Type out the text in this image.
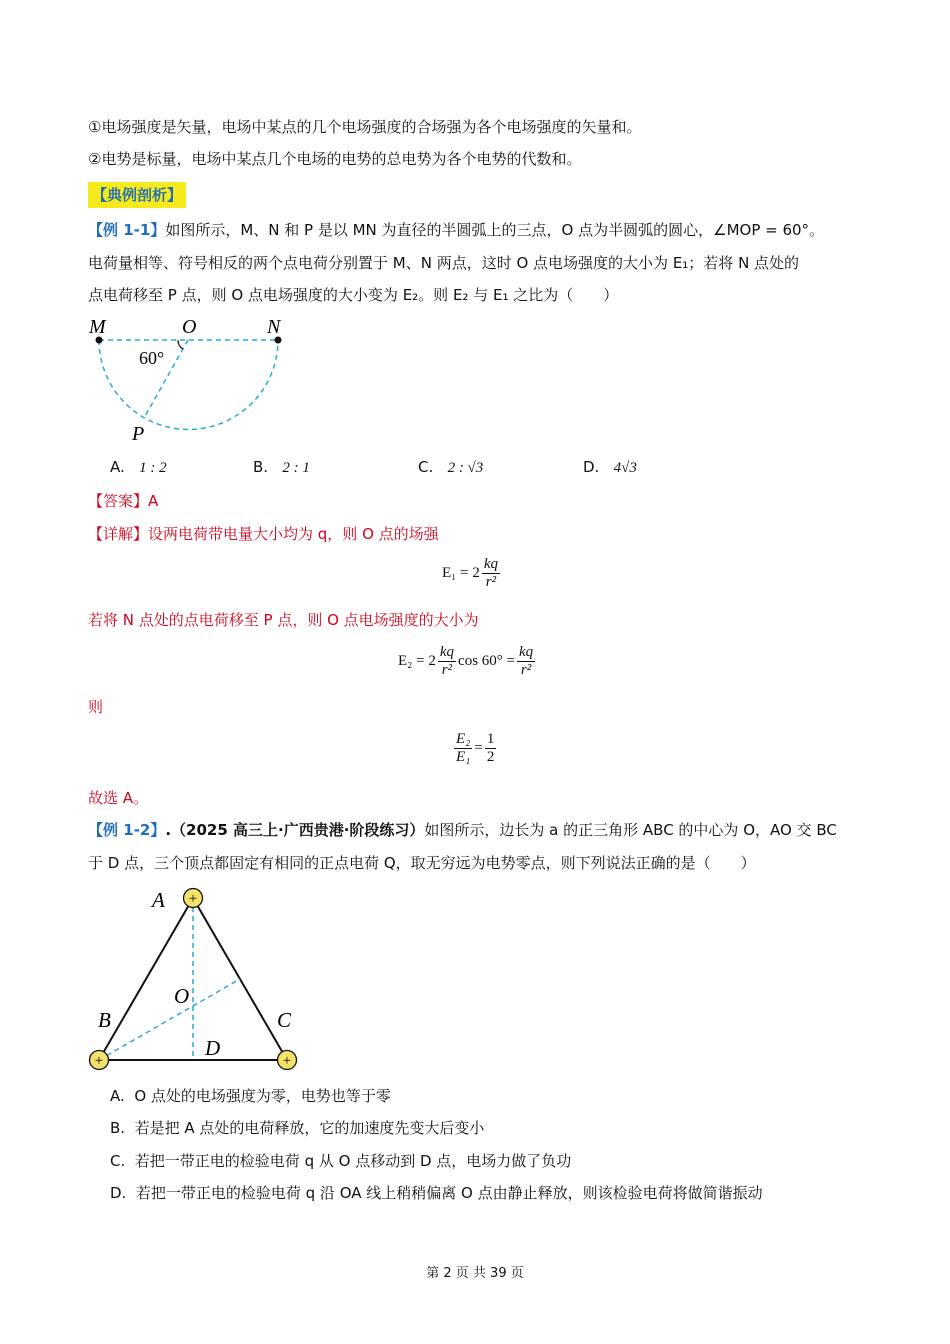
①电场强度是矢量，电场中某点的几个电场强度的合场强为各个电场强度的矢量和。
②电势是标量，电场中某点几个电场的电势的总电势为各个电势的代数和。
【典例剖析】
【例 1-1】如图所示，M、N 和 P 是以 MN 为直径的半圆弧上的三点，O 点为半圆弧的圆心，∠MOP = 60°。
电荷量相等、符号相反的两个点电荷分别置于 M、N 两点，这时 O 点电场强度的大小为 E₁；若将 N 点处的
点电荷移至 P 点，则 O 点电场强度的大小变为 E₂。则 E₂ 与 E₁ 之比为（　　）
M	O	N
60°
P
A. 1 : 2	B. 2 : 1	C. 2 : √3	D. 4√3
【答案】A
【详解】设两电荷带电量大小均为 q，则 O 点的场强
$E_1 = 2 \frac{kq}{\text{r²}}$
若将 N 点处的点电荷移至 P 点，则 O 点电场强度的大小为
$E_2 = 2 \frac{kq}{\text{r²}}$ $\cos 60^\circ = \frac{kq}{\text{r²}}$
则
$\frac{\text{E₂}}{\text{E₁}} = \frac{1}{2}$
故选 A。
【例 1-2】.（2025 高三上·广西贵港·阶段练习）如图所示，边长为 a 的正三角形 ABC 的中心为 O，AO 交 BC
于 D 点，三个顶点都固定有相同的正点电荷 Q，取无穷远为电势零点，则下列说法正确的是（　　）
+
+	+
A
B	C
O
D
A. O 点处的电场强度为零，电势也等于零
B. 若是把 A 点处的电荷释放，它的加速度先变大后变小
C. 若把一带正电的检验电荷 q 从 O 点移动到 D 点，电场力做了负功
D. 若把一带正电的检验电荷 q 沿 OA 线上稍稍偏离 O 点由静止释放，则该检验电荷将做简谐振动
第 2 页 共 39 页
